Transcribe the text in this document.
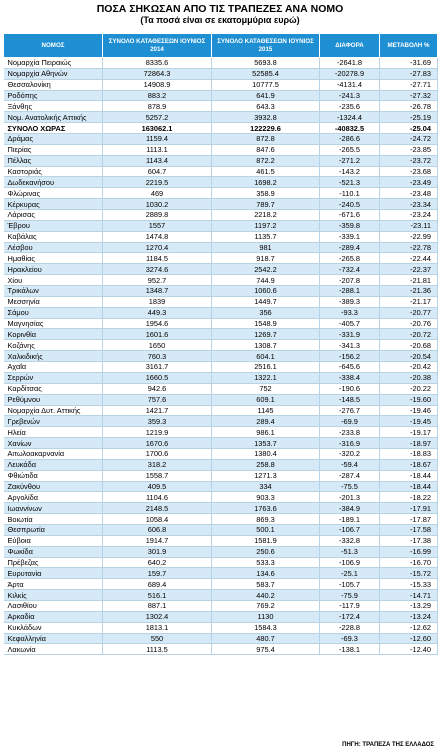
ΠΟΣΑ ΣΗΚΩΣΑΝ ΑΠΟ ΤΙΣ ΤΡΑΠΕΖΕΣ ΑΝΑ ΝΟΜΟ
(Τα ποσά είναι σε εκατομμύρια ευρώ)
ΝΟΜΟΣ	ΣΥΝΟΛΟ ΚΑΤΑΘΕΣΕΩΝ ΙΟΥΝΙΟΣ 2014	ΣΥΝΟΛΟ ΚΑΤΑΘΕΣΕΩΝ ΙΟΥΝΙΟΣ 2015	ΔΙΑΦΟΡΑ	ΜΕΤΑΒΟΛΗ %
Νομαρχία Πειραιώς	8335.6	5693.8	-2641.8	-31.69
Νομαρχία Αθηνών	72864.3	52585.4	-20278.9	-27.83
Θεσσαλονίκη	14908.9	10777.5	-4131.4	-27.71
Ροδόπης	883.2	641.9	-241.3	-27.32
Ξάνθης	878.9	643.3	-235.6	-26.78
Νομ. Ανατολικής Αττικής	5257.2	3932.8	-1324.4	-25.19
ΣΥΝΟΛΟ ΧΩΡΑΣ	163062.1	122229.6	-40832.5	-25.04
Δράμας	1159.4	872.8	-286.6	-24.72
Πιερίας	1113.1	847.6	-265.5	-23.85
Πέλλας	1143.4	872.2	-271.2	-23.72
Καστοριάς	604.7	461.5	-143.2	-23.68
Δωδεκανήσου	2219.5	1698.2	-521.3	-23.49
Φλώρινας	469	358.9	-110.1	-23.48
Κέρκυρας	1030.2	789.7	-240.5	-23.34
Λάρισας	2889.8	2218.2	-671.6	-23.24
Έβρου	1557	1197.2	-359.8	-23.11
Καβάλας	1474.8	1135.7	-339.1	-22.99
Λέσβου	1270.4	981	-289.4	-22.78
Ημαθίας	1184.5	918.7	-265.8	-22.44
Ηρακλείου	3274.6	2542.2	-732.4	-22.37
Χίου	952.7	744.9	-207.8	-21.81
Τρικάλων	1348.7	1060.6	-288.1	-21.36
Μεσσηνία	1839	1449.7	-389.3	-21.17
Σάμου	449.3	356	-93.3	-20.77
Μαγνησίας	1954.6	1548.9	-405.7	-20.76
Κορινθία	1601.6	1269.7	-331.9	-20.72
Κοζάνης	1650	1308.7	-341.3	-20.68
Χαλκιδικής	760.3	604.1	-156.2	-20.54
Αχαΐα	3161.7	2516.1	-645.6	-20.42
Σερρών	1660.5	1322.1	-338.4	-20.38
Καρδίτσας	942.6	752	-190.6	-20.22
Ρεθύμνου	757.6	609.1	-148.5	-19.60
Νομαρχία Δυτ. Αττικής	1421.7	1145	-276.7	-19.46
Γρεβενών	359.3	289.4	-69.9	-19.45
Ηλεία	1219.9	986.1	-233.8	-19.17
Χανίων	1670.6	1353.7	-316.9	-18.97
Αιτωλοακαρνανία	1700.6	1380.4	-320.2	-18.83
Λευκάδα	318.2	258.8	-59.4	-18.67
Φθιώτιδα	1558.7	1271.3	-287.4	-18.44
Ζακύνθου	409.5	334	-75.5	-18.44
Αργολίδα	1104.6	903.3	-201.3	-18.22
Ιωαννίνων	2148.5	1763.6	-384.9	-17.91
Βοιωτία	1058.4	869.3	-189.1	-17.87
Θεσπρωτία	606.8	500.1	-106.7	-17.58
Εύβοια	1914.7	1581.9	-332.8	-17.38
Φωκίδα	301.9	250.6	-51.3	-16.99
Πρέβεζας	640.2	533.3	-106.9	-16.70
Ευρυτανία	159.7	134.6	-25.1	-15.72
Άρτα	689.4	583.7	-105.7	-15.33
Κιλκίς	516.1	440.2	-75.9	-14.71
Λασιθίου	887.1	769.2	-117.9	-13.29
Αρκαδία	1302.4	1130	-172.4	-13.24
Κυκλάδων	1813.1	1584.3	-228.8	-12.62
Κεφαλληνία	550	480.7	-69.3	-12.60
Λακωνία	1113.5	975.4	-138.1	-12.40
ΠΗΓΗ: ΤΡΑΠΕΖΑ ΤΗΣ ΕΛΛΑΔΟΣ
